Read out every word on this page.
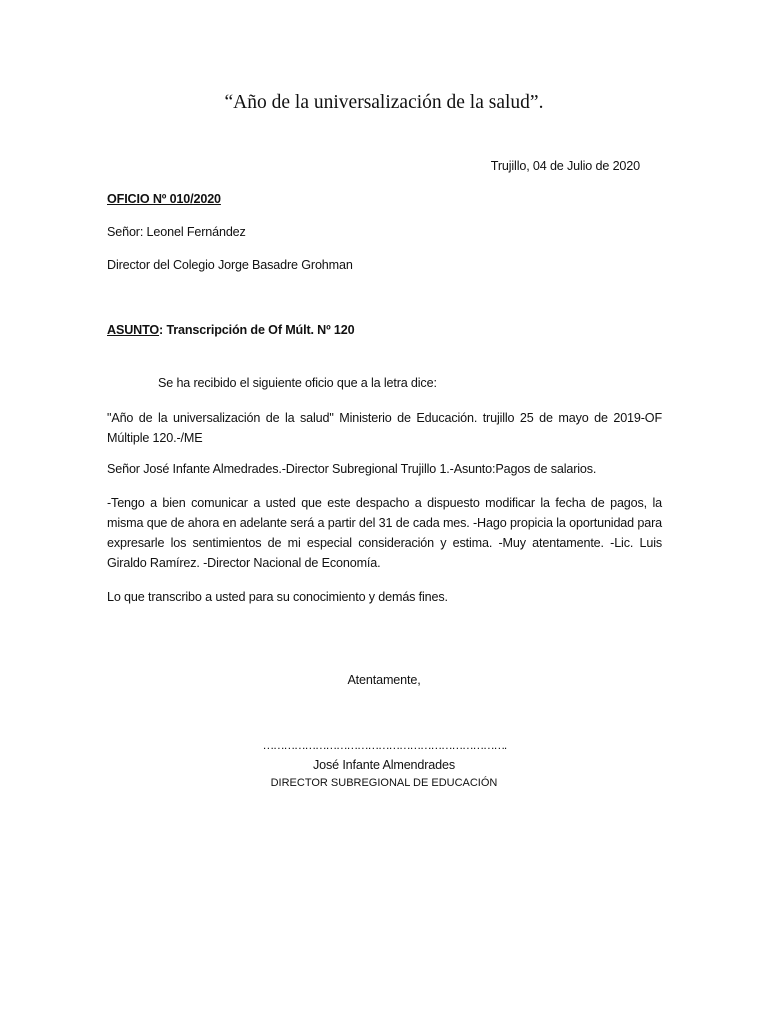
“Año de la universalización de la salud”.
Trujillo, 04 de Julio de 2020
OFICIO Nº 010/2020
Señor: Leonel Fernández
Director del Colegio Jorge Basadre Grohman
ASUNTO: Transcripción de Of Múlt. Nº 120
Se ha recibido el siguiente oficio que a la letra dice:
"Año de la universalización de la salud" Ministerio de Educación. trujillo 25 de mayo de 2019-OF Múltiple 120.-/ME
Señor José Infante Almedrades.-Director Subregional Trujillo 1.-Asunto:Pagos de salarios.
-Tengo a bien comunicar a usted que este despacho a dispuesto modificar la fecha de pagos, la misma que de ahora en adelante será a partir del 31 de cada mes. -Hago propicia la oportunidad para expresarle los sentimientos de mi especial consideración y estima. -Muy atentamente. -Lic. Luis Giraldo Ramírez. -Director Nacional de Economía.
Lo que transcribo a usted para su conocimiento y demás fines.
Atentamente,
…………………………………………………………….
José Infante Almendrades
DIRECTOR SUBREGIONAL DE EDUCACIÓN
